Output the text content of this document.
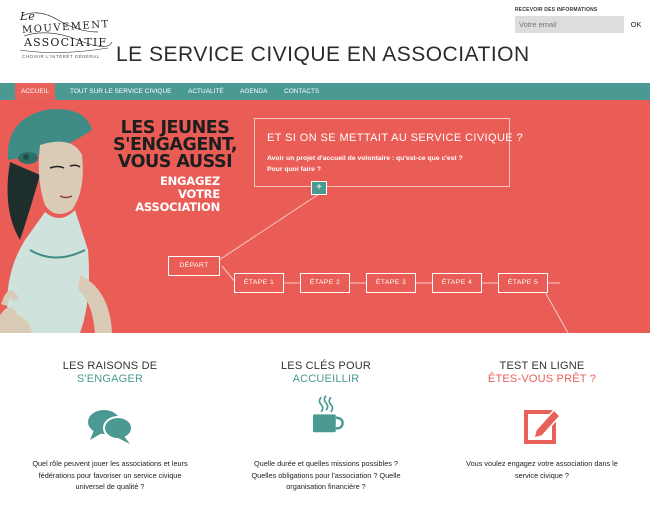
Le
MOUVEMENT
ASSOCIATIF
CHOISIR L'INTÉRÊT GÉNÉRAL LE SERVICE CIVIQUE EN ASSOCIATION
RECEVOIR DES INFORMATIONS
Votre email
OK
ACCUEIL	TOUT SUR LE SERVICE CIVIQUE	ACTUALITÉ	AGENDA	CONTACTS
LES JEUNES
S'ENGAGENT,
VOUS AUSSI
ENGAGEZ
VOTRE
ASSOCIATION
ET SI ON SE METTAIT AU SERVICE CIVIQUE ?
Avoir un projet d'accueil de volontaire : qu'est-ce que c'est ?
Pour quoi faire ?
+
DÉPART
ÉTAPE 1	ÉTAPE 2	ÉTAPE 3	ÉTAPE 4	ÉTAPE 5
LES RAISONS DE
S'ENGAGER
Quel rôle peuvent jouer les associations et leurs fédérations pour favoriser un service civique universel de qualité ?
LES CLÉS POUR
ACCUEILLIR
Quelle durée et quelles missions possibles ? Quelles obligations pour l'association ? Quelle organisation financière ?
TEST EN LIGNE
ÊTES-VOUS PRÊT ?
Vous voulez engagez votre association dans le service civique ?
